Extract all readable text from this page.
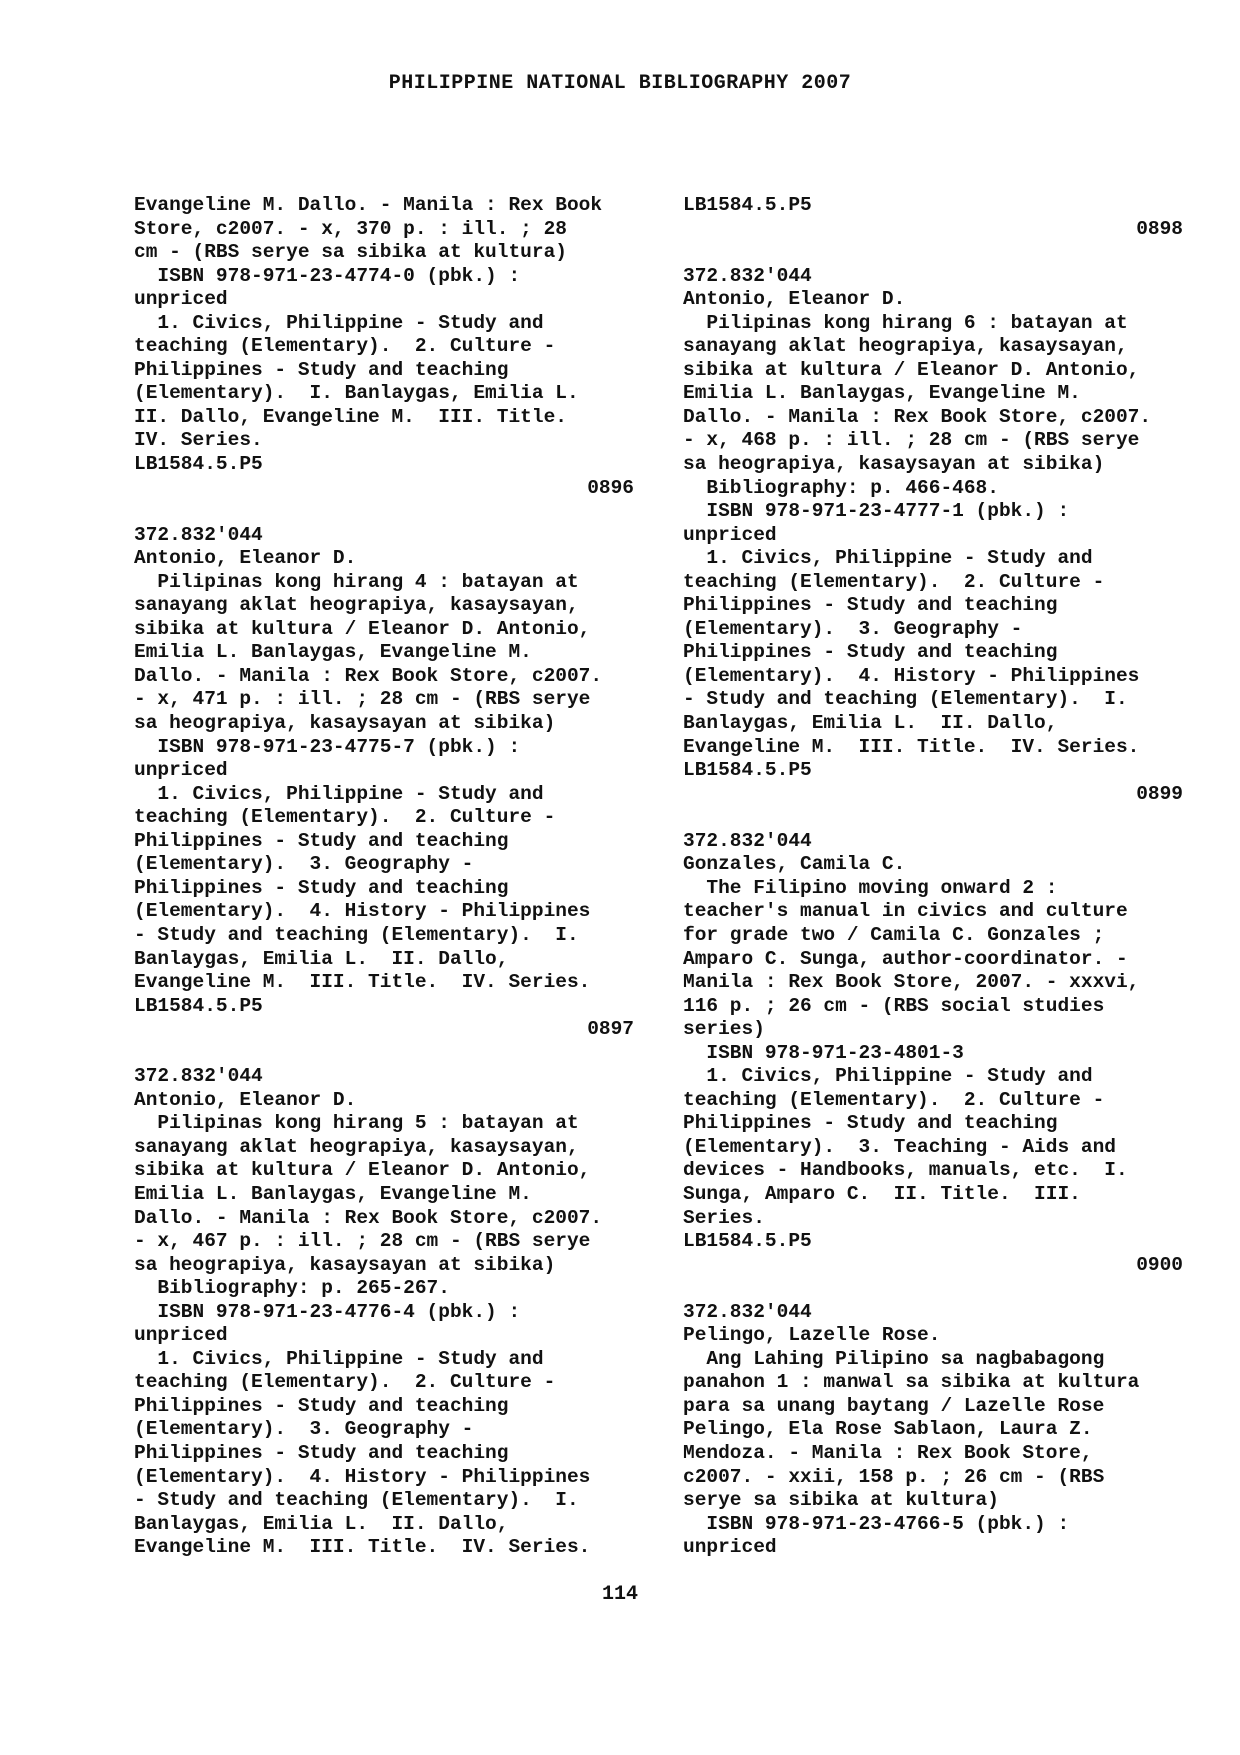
PHILIPPINE NATIONAL BIBLIOGRAPHY 2007
Evangeline M. Dallo. - Manila : Rex Book
Store, c2007. - x, 370 p. : ill. ; 28
cm - (RBS serye sa sibika at kultura)
ISBN 978-971-23-4774-0 (pbk.) :
unpriced
1. Civics, Philippine - Study and
teaching (Elementary).  2. Culture -
Philippines - Study and teaching
(Elementary).  I. Banlaygas, Emilia L.
II. Dallo, Evangeline M.  III. Title.
IV. Series.
LB1584.5.P5
0896
372.832'044
Antonio, Eleanor D.
Pilipinas kong hirang 4 : batayan at
sanayang aklat heograpiya, kasaysayan,
sibika at kultura / Eleanor D. Antonio,
Emilia L. Banlaygas, Evangeline M.
Dallo. - Manila : Rex Book Store, c2007.
- x, 471 p. : ill. ; 28 cm - (RBS serye
sa heograpiya, kasaysayan at sibika)
ISBN 978-971-23-4775-7 (pbk.) :
unpriced
1. Civics, Philippine - Study and
teaching (Elementary).  2. Culture -
Philippines - Study and teaching
(Elementary).  3. Geography -
Philippines - Study and teaching
(Elementary).  4. History - Philippines
- Study and teaching (Elementary).  I.
Banlaygas, Emilia L.  II. Dallo,
Evangeline M.  III. Title.  IV. Series.
LB1584.5.P5
0897
372.832'044
Antonio, Eleanor D.
Pilipinas kong hirang 5 : batayan at
sanayang aklat heograpiya, kasaysayan,
sibika at kultura / Eleanor D. Antonio,
Emilia L. Banlaygas, Evangeline M.
Dallo. - Manila : Rex Book Store, c2007.
- x, 467 p. : ill. ; 28 cm - (RBS serye
sa heograpiya, kasaysayan at sibika)
Bibliography: p. 265-267.
ISBN 978-971-23-4776-4 (pbk.) :
unpriced
1. Civics, Philippine - Study and
teaching (Elementary).  2. Culture -
Philippines - Study and teaching
(Elementary).  3. Geography -
Philippines - Study and teaching
(Elementary).  4. History - Philippines
- Study and teaching (Elementary).  I.
Banlaygas, Emilia L.  II. Dallo,
Evangeline M.  III. Title.  IV. Series.
LB1584.5.P5
0898
372.832'044
Antonio, Eleanor D.
Pilipinas kong hirang 6 : batayan at
sanayang aklat heograpiya, kasaysayan,
sibika at kultura / Eleanor D. Antonio,
Emilia L. Banlaygas, Evangeline M.
Dallo. - Manila : Rex Book Store, c2007.
- x, 468 p. : ill. ; 28 cm - (RBS serye
sa heograpiya, kasaysayan at sibika)
Bibliography: p. 466-468.
ISBN 978-971-23-4777-1 (pbk.) :
unpriced
1. Civics, Philippine - Study and
teaching (Elementary).  2. Culture -
Philippines - Study and teaching
(Elementary).  3. Geography -
Philippines - Study and teaching
(Elementary).  4. History - Philippines
- Study and teaching (Elementary).  I.
Banlaygas, Emilia L.  II. Dallo,
Evangeline M.  III. Title.  IV. Series.
LB1584.5.P5
0899
372.832'044
Gonzales, Camila C.
The Filipino moving onward 2 :
teacher's manual in civics and culture
for grade two / Camila C. Gonzales ;
Amparo C. Sunga, author-coordinator. -
Manila : Rex Book Store, 2007. - xxxvi,
116 p. ; 26 cm - (RBS social studies
series)
ISBN 978-971-23-4801-3
1. Civics, Philippine - Study and
teaching (Elementary).  2. Culture -
Philippines - Study and teaching
(Elementary).  3. Teaching - Aids and
devices - Handbooks, manuals, etc.  I.
Sunga, Amparo C.  II. Title.  III.
Series.
LB1584.5.P5
0900
372.832'044
Pelingo, Lazelle Rose.
Ang Lahing Pilipino sa nagbabagong
panahon 1 : manwal sa sibika at kultura
para sa unang baytang / Lazelle Rose
Pelingo, Ela Rose Sablaon, Laura Z.
Mendoza. - Manila : Rex Book Store,
c2007. - xxii, 158 p. ; 26 cm - (RBS
serye sa sibika at kultura)
ISBN 978-971-23-4766-5 (pbk.) :
unpriced
114
